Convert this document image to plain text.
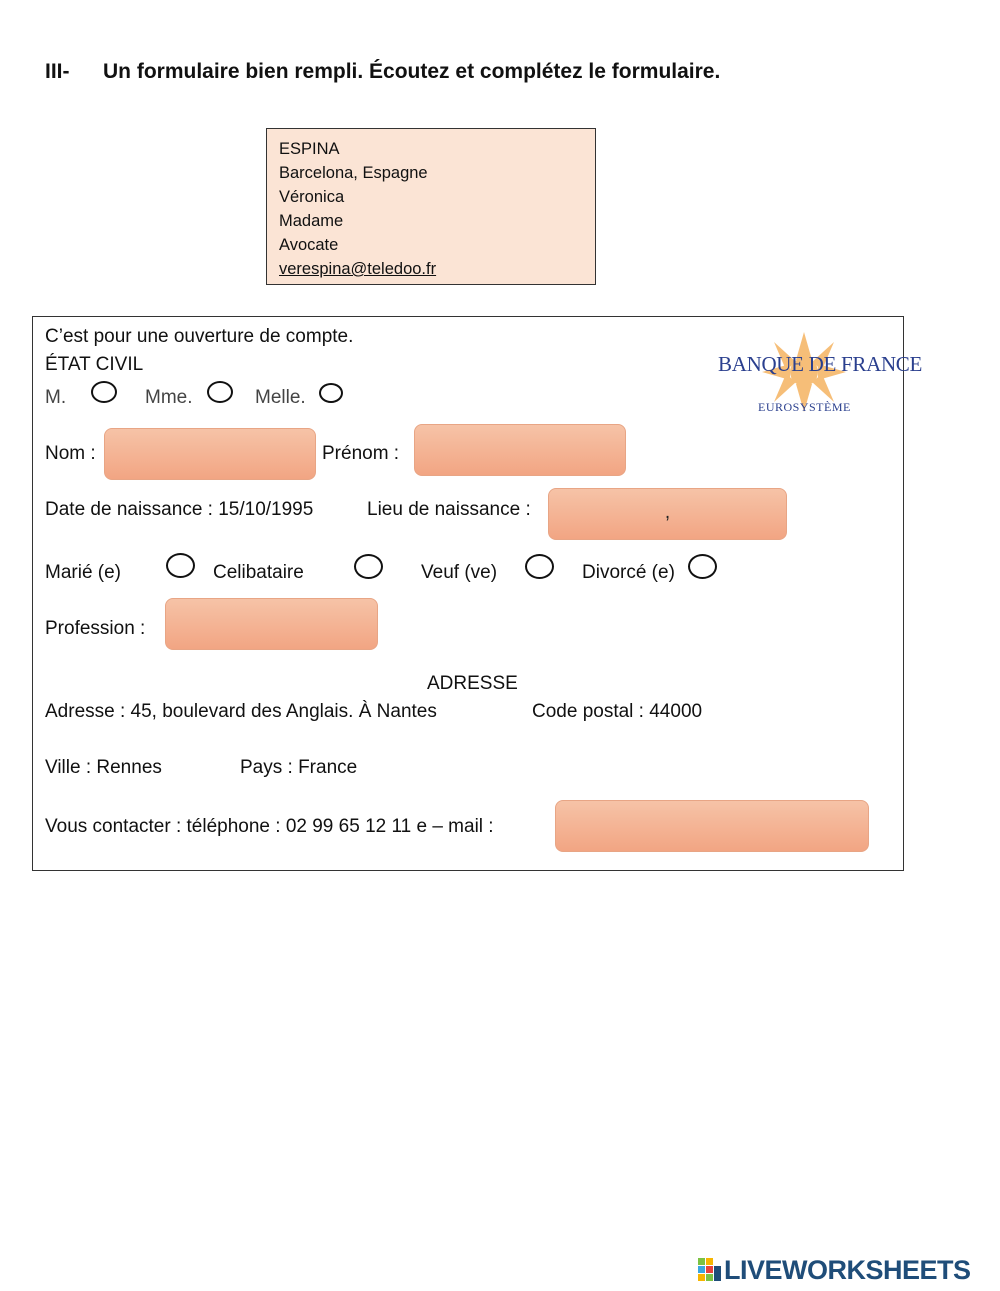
III- Un formulaire bien rempli. Écoutez et complétez le formulaire.
ESPINA
Barcelona, Espagne
Véronica
Madame
Avocate
verespina@teledoo.fr
C’est pour une ouverture de compte.
ÉTAT CIVIL
M.	Mme.	Melle.
BANQUE DE FRANCE
EUROSYSTÈME
Nom :	Prénom :
Date de naissance : 15/10/1995	Lieu de naissance :	,
Marié (e)	Celibataire	Veuf (ve)	Divorcé (e)
Profession :
ADRESSE
Adresse : 45, boulevard des Anglais. À Nantes	Code postal : 44000
Ville : Rennes	Pays : France
Vous contacter : téléphone : 02 99 65 12 11 e – mail :
LIVEWORKSHEETS
